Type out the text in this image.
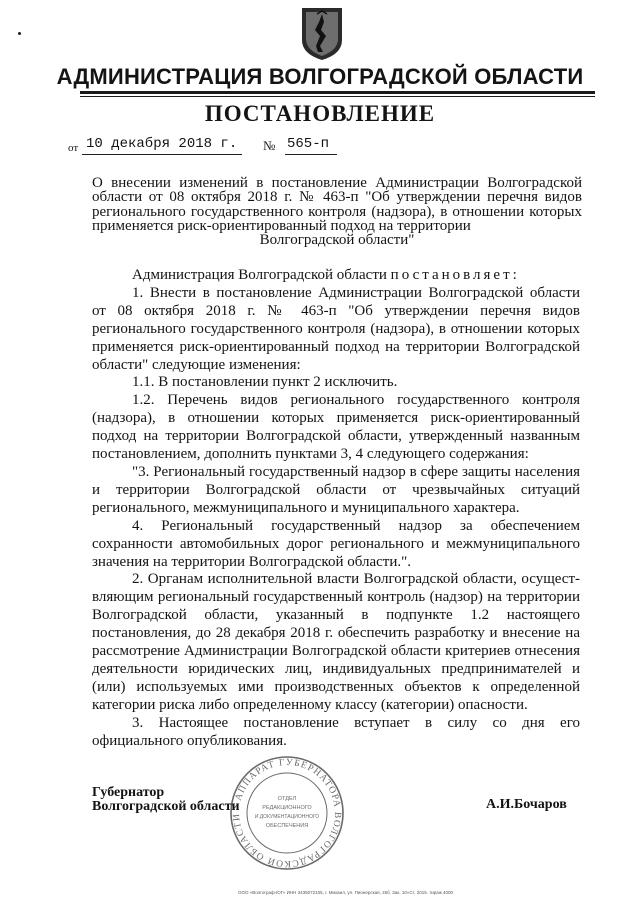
АДМИНИСТРАЦИЯ ВОЛГОГРАДСКОЙ ОБЛАСТИ
ПОСТАНОВЛЕНИЕ
от 10 декабря 2018 г. № 565-п
О внесении изменений в постановление Администрации Волгоградской области от 08 октября 2018 г. № 463-п "Об утверждении перечня видов регионального государственного контроля (надзора), в отношении которых применяется риск-ориентированный подход на территории
Волгоградской области"

Администрация Волгоградской области постановляет:

1. Внести в постановление Администрации Волгоградской области от 08 октября 2018 г. № 463-п "Об утверждении перечня видов регионального государственного контроля (надзора), в отношении которых применяется риск-ориентированный подход на территории Волгоградской области" следующие изменения:

1.1. В постановлении пункт 2 исключить.

1.2. Перечень видов регионального государственного контроля (надзора), в отношении которых применяется риск-ориентированный подход на территории Волгоградской области, утвержденный названным постановлением, дополнить пунктами 3, 4 следующего содержания:

"3. Региональный государственный надзор в сфере защиты населения и территории Волгоградской области от чрезвычайных ситуаций регионального, межмуниципального и муниципального характера.

4. Региональный государственный надзор за обеспечением сохранности автомобильных дорог регионального и межмуниципального значения на территории Волгоградской области.".

2. Органам исполнительной власти Волгоградской области, осущест-вляющим региональный государственный контроль (надзор) на территории Волгоградской области, указанный в подпункте 1.2 настоящего постановления, до 28 декабря 2018 г. обеспечить разработку и внесение на рассмотрение Администрации Волгоградской области критериев отнесения деятельности юридических лиц, индивидуальных предпринимателей и (или) используемых ими производственных объектов к определенной категории риска либо определенному классу (категории) опасности.

3. Настоящее постановление вступает в силу со дня его официального опубликования.

АППАРАТ ГУБЕРНАТОРА ВОЛГОГРАДСКОЙ ОБЛАСТИ
ОТДЕЛ
РЕДАКЦИОННОГО
И ДОКУМЕНТАЦИОННОГО
ОБЕСПЕЧЕНИЯ
Губернатор
Волгоградской области	А.И.Бочаров
ООО «Волгограф-ЮГ» ИНН 3435072105, г. Михаил, ул. Пионерская, 26б. Зак. 10»Ст, 2015. тираж 4000
